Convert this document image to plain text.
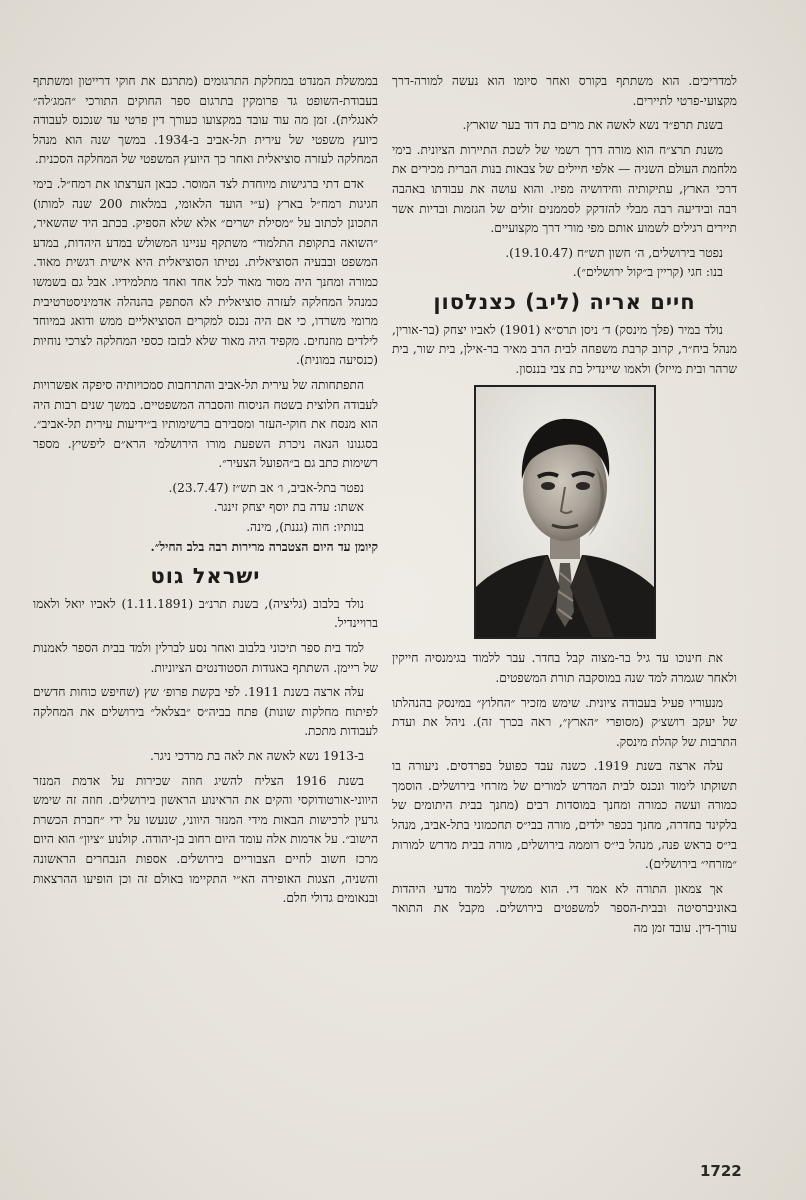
למדריכים. הוא משתתף בקורס ואחר סיומו הוא נעשה למורה-דרך מקצועי-פרטי לתיירים.

בשנת תרפ״ד נשא לאשה את מרים בת דוד בער שוארץ.

משנת תרצ״ח הוא מורה דרך רשמי של לשכת התיירות הציונית. בימי מלחמת העולם השניה — אלפי חיילים של צבאות בנות הברית מכירים את דרכי הארץ, עתיקותיה וחידושיה מפיו. והוא עושה את עבודתו באהבה רבה ובידיעה רבה מבלי להזדקק לסממנים זולים של הגזמות ובדיות אשר תיירים רגילים לשמוע אותם מפי מורי דרך מקצועיים.

נפטר בירושלים, ה׳ חשון תש״ח (19.10.47).

בנו: חגי (קריין ב״קול ירושלים״).

חיים אריה (ליב) כצנלסון

נולד במיר (פלך מינסק) ד׳ ניסן תרס״א (1901) לאביו יצחק (בר-אורין, מנהל ביח״ר, קרוב קרבת משפחה לבית הרב מאיר בר-אילן, בית שור, בית שרהר ובית מייזל) ולאמו שיינדיל בת צבי בננסון.

את חינוכו עד גיל בר-מצוה קבל בחדר. עבר ללמוד בגימנסיה חייקין ולאחר שגמרה למד שנה במוסקבה תורת המשפטים.

מנעוריו פעיל בעבודה ציונית. שימש מזכיר ״החלוץ״ במינסק בהנהלתו של יעקב רושצ׳ק (מסופרי ״הארץ״, ראה בכרך זה). ניהל את ועדת התרבות של קהלת מינסק.

עלה ארצה בשנת 1919. כשנה עבד כפועל בפרדסים. ניעורה בו תשוקתו לימוד ונכנס לבית המדרש למורים של מזרחי בירושלים. הוסמך כמורה ועשה כמורה ומחנך במוסדות רבים (מחנך בבית היתומים של בלקינד בחדרה, מחנך בכפר ילדים, מורה בבי״ס תחכמוני בתל-אביב, מנהל בי״ס בראש פנה, מנהל בי״ס רוממה בירושלים, מורה בבית מדרש למורות ״מזרחי״ בירושלים).

אך צמאון התורה לא אמר די. הוא ממשיך ללמוד מדעי היהדות באוניברסיטה ובבית-הספר למשפטים בירושלים. מקבל את התואר עורך-דין. עובד זמן מה

בממשלת המנדט במחלקת התרגומים (מתרגם את חוקי דרייטון ומשתתף בעבודת-השופט גד פרומקין בתרגום ספר החוקים התורכי ״המג׳לה״ לאנגלית). זמן מה עוד עובד במקצועו כעורך דין פרטי עד שנכנס לעבודה כיועץ משפטי של עירית תל-אביב ב-1934. במשך שנה הוא מנהל המחלקה לעזרה סוציאלית ואחר כך היועץ המשפטי של המחלקה הסכנית.

אדם דתי ברגישות מיוחדת לצד המוסר. כבאן הערצתו את רמח״ל. בימי חגיגות רמח״ל בארץ (ע״י הועד הלאומי, במלאות 200 שנה למותו) התכונן לכתוב על ״מסילת ישרים״ אלא שלא הספיק. בכתב היד שהשאיר, ״השואה בתקופת התלמוד״ משתקף עניינו המשולש במדע היהדות, במדע המשפט ובבעיה הסוציאלית. נטיתו הסוציאלית היא אישית רגשית מאוד. כמורה ומחנך היה מסור מאוד לכל אחד ואחד מתלמידיו. אבל גם בשמשו כמנהל המחלקה לעזרה סוציאלית לא הסתפק בהנהלה אדמיניסטרטיבית מרומי משרדו, כי אם היה נכנס למקרים הסוציאליים ממש ודואג במיוחד לילדים מוזנחים. מקפיד היה מאוד שלא לבזבז כספי המחלקה לצרכי נוחיות (כנסיעה במונית).

התפתחותה של עירית תל-אביב והתרחבות סמכויותיה סיפקה אפשרויות לעבודה חלוצית בשטח הניסוח והסברה המשפטיים. במשך שנים רבות היה הוא מנסח את חוקי-העזר ומסבירם ברשימותיו ב״ידיעות עירית תל-אביב״. בסגנונו הנאה ניכרת השפעת מורו הירושלמי הרא״ם ליפשיץ. מספר רשימות כתב גם ב״הפועל הצעיר״.

נפטר בתל-אביב, ו׳ אב תש״ז (23.7.47).

אשתו: עדה בת יוסף יצחק זינגר.

בנותיו: חוה (גננת), מינה.

קיומן עד היום הצטברה מרירות רבה בלב החיל״.

ישראל גוט

נולד בלבוב (גליציה), בשנת תרנ״ב (1.11.1891) לאביו יואל ולאמו ברויינדיל.

למד בית ספר תיכוני בלבוב ואחר נסע לברלין ולמד בבית הספר לאמנות של ריימן. השתתף באגודות הסטודנטים הציוניות.

עלה ארצה בשנת 1911. לפי בקשת פרופ׳ שץ (שחיפש כוחות חדשים לפיתוח מחלקות שונות) פתח בביה״ס ״בצלאל״ בירושלים את המחלקה לעבודות מתכת.

ב-1913 נשא לאשה את לאה בת מרדכי ניגר.

בשנת 1916 הצליח להשיג חוזה שכירות על אדמת המנזר היווני-אורטודוקסי והקים את הראינוע הראשון בירושלים. חוזה זה שימש גרעין לרכישות הבאות מידי המנזר היווני, שנעשו על ידי ״חברת הכשרת הישוב״. על אדמות אלה עומד היום רחוב בן-יהודה. קולנוע ״ציון״ הוא היום מרכז חשוב לחיים הצבוריים בירושלים. אספות הנבחרים הראשונה והשניה, הצגות האופירה הא״י התקיימו באולם זה וכן הופיעו ההרצאות ובנאומים גדולי חלם.

1722
